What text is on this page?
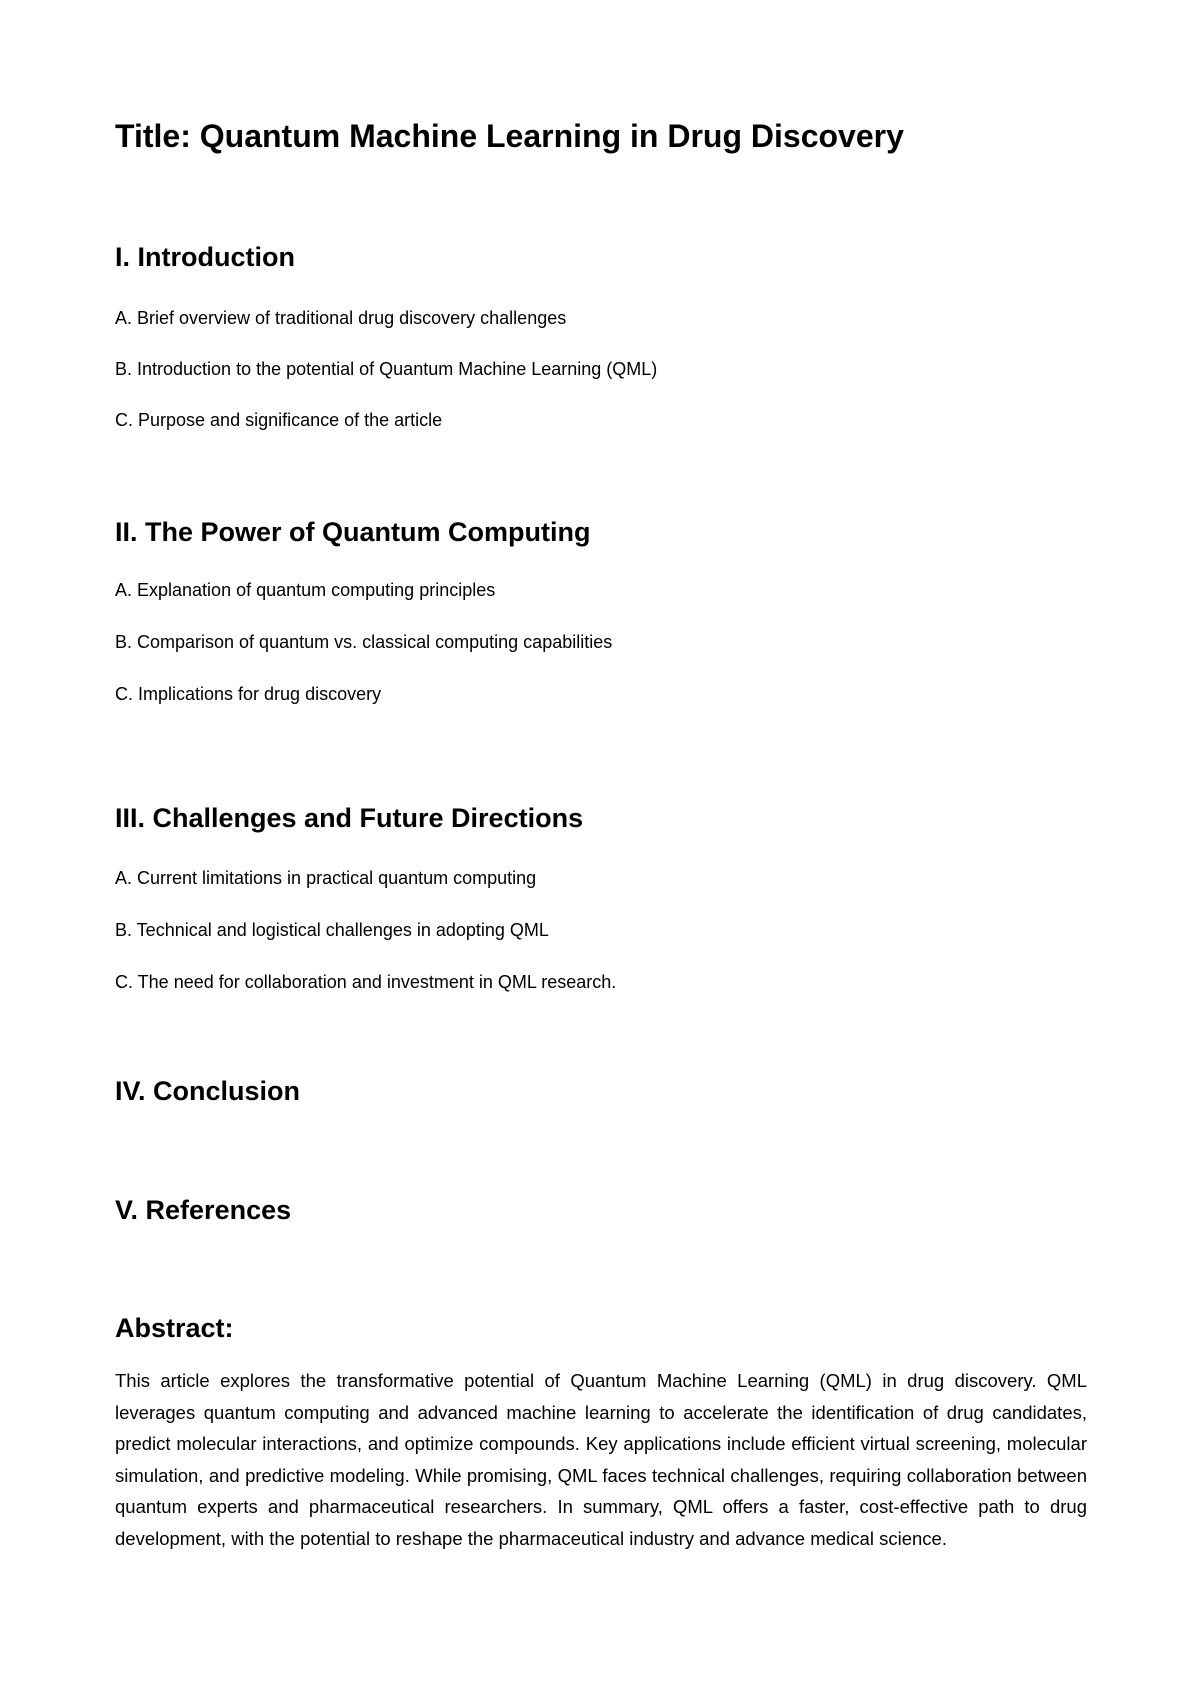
Title: Quantum Machine Learning in Drug Discovery
I. Introduction

A. Brief overview of traditional drug discovery challenges

B. Introduction to the potential of Quantum Machine Learning (QML)

C. Purpose and significance of the article

II. The Power of Quantum Computing

A. Explanation of quantum computing principles

B. Comparison of quantum vs. classical computing capabilities

C. Implications for drug discovery

III. Challenges and Future Directions

A. Current limitations in practical quantum computing

B. Technical and logistical challenges in adopting QML

C. The need for collaboration and investment in QML research.

IV. Conclusion
V. References
Abstract:

This article explores the transformative potential of Quantum Machine Learning (QML) in drug discovery. QML leverages quantum computing and advanced machine learning to accelerate the identification of drug candidates, predict molecular interactions, and optimize compounds. Key applications include efficient virtual screening, molecular simulation, and predictive modeling. While promising, QML faces technical challenges, requiring collaboration between quantum experts and pharmaceutical researchers. In summary, QML offers a faster, cost-effective path to drug development, with the potential to reshape the pharmaceutical industry and advance medical science.
